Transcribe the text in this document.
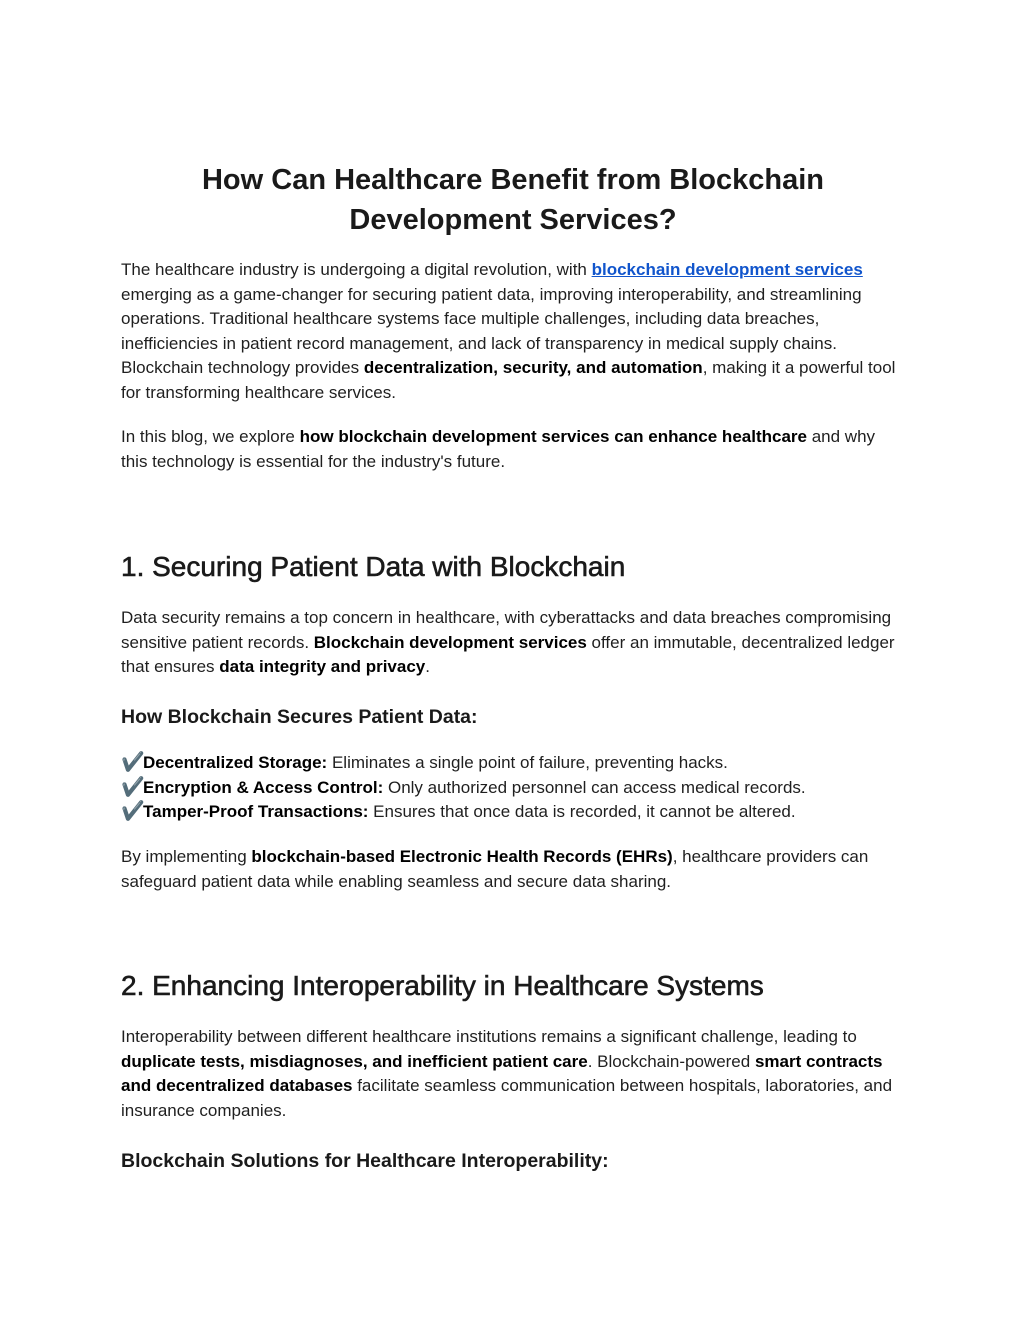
How Can Healthcare Benefit from Blockchain Development Services?

The healthcare industry is undergoing a digital revolution, with blockchain development services emerging as a game-changer for securing patient data, improving interoperability, and streamlining operations. Traditional healthcare systems face multiple challenges, including data breaches, inefficiencies in patient record management, and lack of transparency in medical supply chains. Blockchain technology provides decentralization, security, and automation, making it a powerful tool for transforming healthcare services.

In this blog, we explore how blockchain development services can enhance healthcare and why this technology is essential for the industry's future.

1. Securing Patient Data with Blockchain

Data security remains a top concern in healthcare, with cyberattacks and data breaches compromising sensitive patient records. Blockchain development services offer an immutable, decentralized ledger that ensures data integrity and privacy.

How Blockchain Secures Patient Data:
✔️Decentralized Storage: Eliminates a single point of failure, preventing hacks.
✔️Encryption & Access Control: Only authorized personnel can access medical records.
✔️Tamper-Proof Transactions: Ensures that once data is recorded, it cannot be altered.

By implementing blockchain-based Electronic Health Records (EHRs), healthcare providers can safeguard patient data while enabling seamless and secure data sharing.

2. Enhancing Interoperability in Healthcare Systems

Interoperability between different healthcare institutions remains a significant challenge, leading to duplicate tests, misdiagnoses, and inefficient patient care. Blockchain-powered smart contracts and decentralized databases facilitate seamless communication between hospitals, laboratories, and insurance companies.

Blockchain Solutions for Healthcare Interoperability:
